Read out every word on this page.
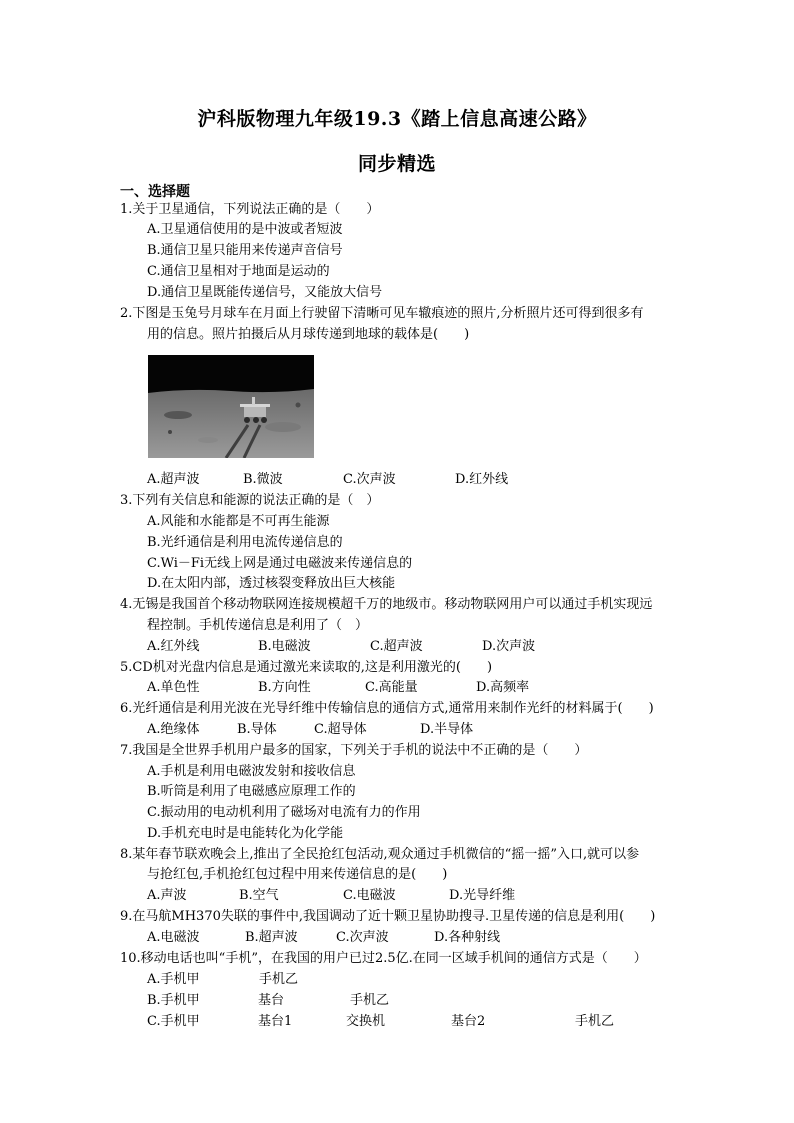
沪科版物理九年级19.3《踏上信息高速公路》
同步精选
一、选择题
1.关于卫星通信，下列说法正确的是（　　）
A.卫星通信使用的是中波或者短波
B.通信卫星只能用来传递声音信号
C.通信卫星相对于地面是运动的
D.通信卫星既能传递信号，又能放大信号
2.下图是玉兔号月球车在月面上行驶留下清晰可见车辙痕迹的照片,分析照片还可得到很多有
用的信息。照片拍摄后从月球传递到地球的载体是(　　)
A.超声波	B.微波	C.次声波	D.红外线
3.下列有关信息和能源的说法正确的是（　）
A.风能和水能都是不可再生能源
B.光纤通信是利用电流传递信息的
C.Wi－Fi无线上网是通过电磁波来传递信息的
D.在太阳内部，透过核裂变释放出巨大核能
4.无锡是我国首个移动物联网连接规模超千万的地级市。移动物联网用户可以通过手机实现远
程控制。手机传递信息是利用了（　）
A.红外线	B.电磁波	C.超声波	D.次声波
5.CD机对光盘内信息是通过激光来读取的,这是利用激光的(　　)
A.单色性	B.方向性	C.高能量	D.高频率
6.光纤通信是利用光波在光导纤维中传输信息的通信方式,通常用来制作光纤的材料属于(　　)
A.绝缘体	B.导体	C.超导体	D.半导体
7.我国是全世界手机用户最多的国家，下列关于手机的说法中不正确的是（　　）
A.手机是利用电磁波发射和接收信息
B.听筒是利用了电磁感应原理工作的
C.振动用的电动机利用了磁场对电流有力的作用
D.手机充电时是电能转化为化学能
8.某年春节联欢晚会上,推出了全民抢红包活动,观众通过手机微信的“摇一摇”入口,就可以参
与抢红包,手机抢红包过程中用来传递信息的是(　　)
A.声波	B.空气	C.电磁波	D.光导纤维
9.在马航MH370失联的事件中,我国调动了近十颗卫星协助搜寻.卫星传递的信息是利用(　　)
A.电磁波	B.超声波	C.次声波	D.各种射线
10.移动电话也叫“手机”，在我国的用户已过2.5亿.在同一区域手机间的通信方式是（　　）
A.手机甲	手机乙
B.手机甲	基台	手机乙
C.手机甲	基台1	交换机	基台2	手机乙
